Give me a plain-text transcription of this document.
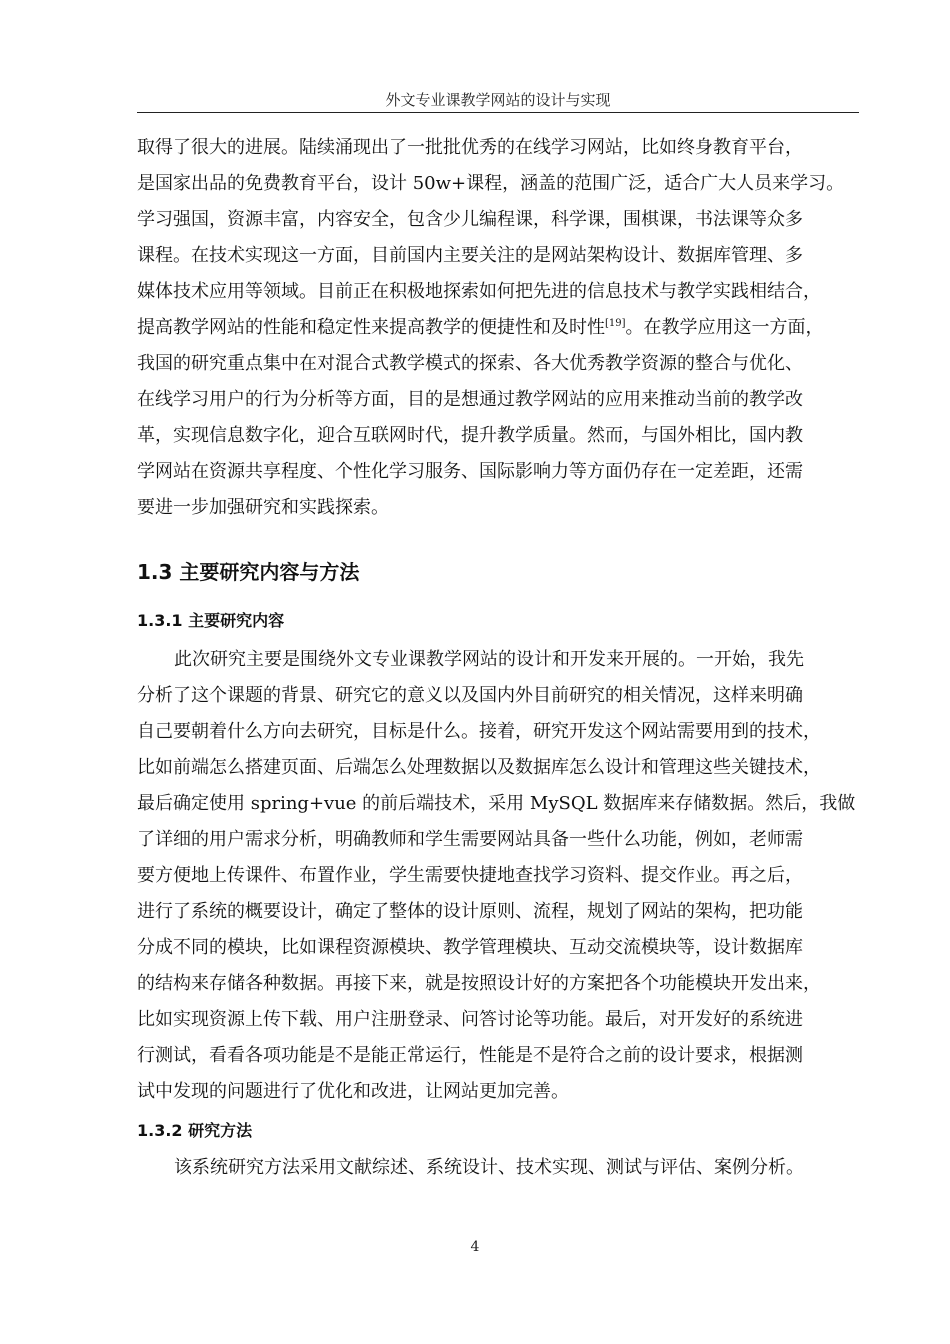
外文专业课教学网站的设计与实现
取得了很大的进展。陆续涌现出了一批批优秀的在线学习网站，比如终身教育平台，
是国家出品的免费教育平台，设计 50w+课程，涵盖的范围广泛，适合广大人员来学习。
学习强国，资源丰富，内容安全，包含少儿编程课，科学课，围棋课，书法课等众多
课程。在技术实现这一方面，目前国内主要关注的是网站架构设计、数据库管理、多
媒体技术应用等领域。目前正在积极地探索如何把先进的信息技术与教学实践相结合，
提高教学网站的性能和稳定性来提高教学的便捷性和及时性[19]。在教学应用这一方面，
我国的研究重点集中在对混合式教学模式的探索、各大优秀教学资源的整合与优化、
在线学习用户的行为分析等方面，目的是想通过教学网站的应用来推动当前的教学改
革，实现信息数字化，迎合互联网时代，提升教学质量。然而，与国外相比，国内教
学网站在资源共享程度、个性化学习服务、国际影响力等方面仍存在一定差距，还需
要进一步加强研究和实践探索。
1.3 主要研究内容与方法
1.3.1 主要研究内容
此次研究主要是围绕外文专业课教学网站的设计和开发来开展的。一开始，我先
分析了这个课题的背景、研究它的意义以及国内外目前研究的相关情况，这样来明确
自己要朝着什么方向去研究，目标是什么。接着，研究开发这个网站需要用到的技术，
比如前端怎么搭建页面、后端怎么处理数据以及数据库怎么设计和管理这些关键技术，
最后确定使用 spring+vue 的前后端技术，采用 MySQL 数据库来存储数据。然后，我做
了详细的用户需求分析，明确教师和学生需要网站具备一些什么功能，例如，老师需
要方便地上传课件、布置作业，学生需要快捷地查找学习资料、提交作业。再之后，
进行了系统的概要设计，确定了整体的设计原则、流程，规划了网站的架构，把功能
分成不同的模块，比如课程资源模块、教学管理模块、互动交流模块等，设计数据库
的结构来存储各种数据。再接下来，就是按照设计好的方案把各个功能模块开发出来，
比如实现资源上传下载、用户注册登录、问答讨论等功能。最后，对开发好的系统进
行测试，看看各项功能是不是能正常运行，性能是不是符合之前的设计要求，根据测
试中发现的问题进行了优化和改进，让网站更加完善。
1.3.2 研究方法
该系统研究方法采用文献综述、系统设计、技术实现、测试与评估、案例分析。
4
